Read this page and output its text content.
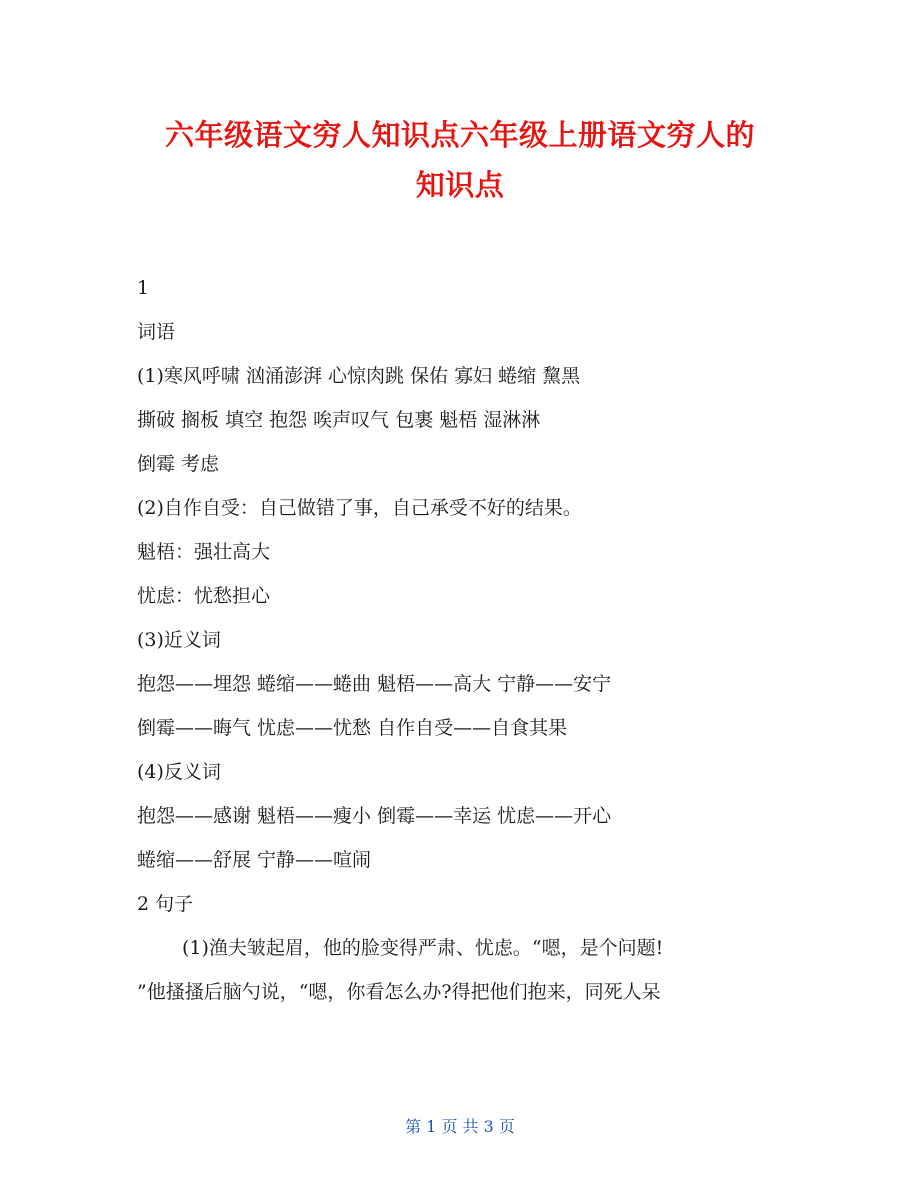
六年级语文穷人知识点六年级上册语文穷人的
知识点
1
词语
(1)寒风呼啸 汹涌澎湃 心惊肉跳 保佑 寡妇 蜷缩 黧黑
撕破 搁板 填空 抱怨 唉声叹气 包裹 魁梧 湿淋淋
倒霉 考虑
(2)自作自受：自己做错了事，自己承受不好的结果。
魁梧：强壮高大
忧虑：忧愁担心
(3)近义词
抱怨——埋怨 蜷缩——蜷曲 魁梧——高大 宁静——安宁
倒霉——晦气 忧虑——忧愁 自作自受——自食其果
(4)反义词
抱怨——感谢 魁梧——瘦小 倒霉——幸运 忧虑——开心
蜷缩——舒展 宁静——喧闹
2 句子
(1)渔夫皱起眉，他的脸变得严肃、忧虑。“嗯，是个问题!
”他搔搔后脑勺说，“嗯，你看怎么办?得把他们抱来，同死人呆
第 1 页 共 3 页
